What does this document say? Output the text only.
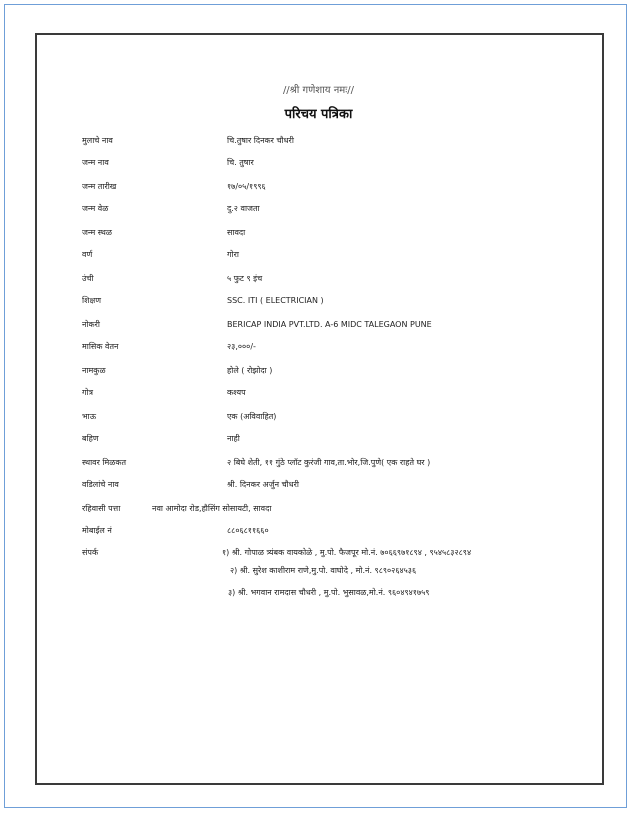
//श्री गणेशाय नमः//
परिचय पत्रिका
मुलाचे नाव	चि.तुषार दिनकर चौधरी
जन्म नाव	चि. तुषार
जन्म तारीख	१७/०५/१९९६
जन्म वेळ	दु.२ वाजता
जन्म स्थळ	सावदा
वर्ण	गोरा
उंची	५ फुट ९ इंच
शिक्षण	SSC. ITI ( ELECTRICIAN )
नोकरी	BERICAP INDIA PVT.LTD. A-6 MIDC TALEGAON PUNE
मासिक वेतन	२३,०००/-
नामकुळ	होले ( रोझोदा )
गोत्र	कश्यप
भाऊ	एक (अविवाहित)
बहिण	नाही
स्थावर मिळकत	२ बिघे शेती, ११ गुंठे प्लॉट कुरंजी गाव,ता.भोर,जि.पुणे( एक राहते घर )
वडिलांचे नाव	श्री. दिनकर अर्जुन चौधरी
रहिवासी पत्ता	नवा आमोदा रोड,हौसिंग सोसायटी, सावदा
मोबाईल नं	८८०६८११६६०
संपर्क	१) श्री. गोपाळ त्र्यंबक वायकोळे , मु.पो. फैजपूर मो.नं. ७०६६९७१८९४ , ९५४५८३२८९४
२) श्री. सुरेश काशीराम राणे,मु.पो. वाघोदे , मो.नं. ९८९०२६४५३६
३) श्री. भगवान रामदास चौधरी , मु.पो. भुसावळ,मो.नं. ९६०४९४१७५९
